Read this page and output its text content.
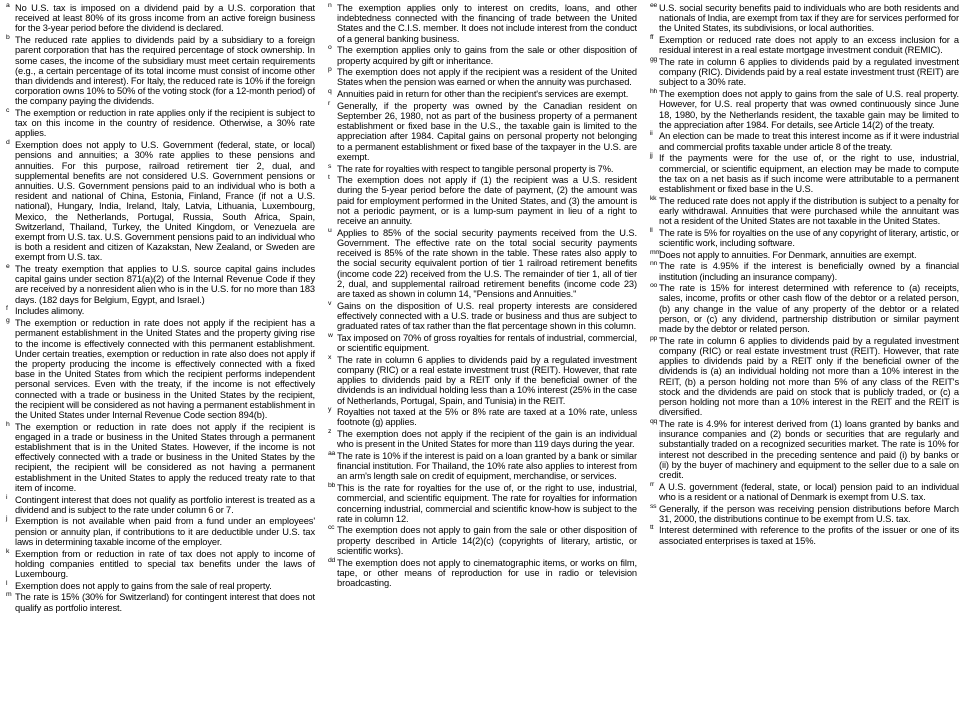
a No U.S. tax is imposed on a dividend paid by a U.S. corporation that received at least 80% of its gross income from an active foreign business for the 3-year period before the dividend is declared.
b The reduced rate applies to dividends paid by a subsidiary to a foreign parent corporation that has the required percentage of stock ownership. In some cases, the income of the subsidiary must meet certain requirements (e.g., a certain percentage of its total income must consist of income other than dividends and interest). For Italy, the reduced rate is 10% if the foreign corporation owns 10% to 50% of the voting stock (for a 12-month period) of the company paying the dividends.
c The exemption or reduction in rate applies only if the recipient is subject to tax on this income in the country of residence. Otherwise, a 30% rate applies.
d Exemption does not apply to U.S. Government (federal, state, or local) pensions and annuities; a 30% rate applies to these pensions and annuities. For this purpose, railroad retirement tier 2, dual, and supplemental benefits are not considered U.S. Government pensions or annuities. U.S. Government pensions paid to an individual who is both a resident and national of China, Estonia, Finland, France (if not a U.S. national), Hungary, India, Ireland, Italy, Latvia, Lithuania, Luxembourg, Mexico, the Netherlands, Portugal, Russia, South Africa, Spain, Switzerland, Thailand, Turkey, the United Kingdom, or Venezuela are exempt from U.S. tax. U.S. Government pensions paid to an individual who is both a resident and citizen of Kazakstan, New Zealand, or Sweden are exempt from U.S. tax.
e The treaty exemption that applies to U.S. source capital gains includes capital gains under section 871(a)(2) of the Internal Revenue Code if they are received by a nonresident alien who is in the U.S. for no more than 183 days. (182 days for Belgium, Egypt, and Israel.)
f Includes alimony.
g The exemption or reduction in rate does not apply if the recipient has a permanent establishment in the United States and the property giving rise to the income is effectively connected with this permanent establishment. Under certain treaties, exemption or reduction in rate also does not apply if the property producing the income is effectively connected with a fixed base in the United States from which the recipient performs independent personal services. Even with the treaty, if the income is not effectively connected with a trade or business in the United States by the recipient, the recipient will be considered as not having a permanent establishment in the United States under Internal Revenue Code section 894(b).
h The exemption or reduction in rate does not apply if the recipient is engaged in a trade or business in the United States through a permanent establishment that is in the United States. However, if the income is not effectively connected with a trade or business in the United States by the recipient, the recipient will be considered as not having a permanent establishment in the United States to apply the reduced treaty rate to that item of income.
i Contingent interest that does not qualify as portfolio interest is treated as a dividend and is subject to the rate under column 6 or 7.
j Exemption is not available when paid from a fund under an employees' pension or annuity plan, if contributions to it are deductible under U.S. tax laws in determining taxable income of the employer.
k Exemption from or reduction in rate of tax does not apply to income of holding companies entitled to special tax benefits under the laws of Luxembourg.
l Exemption does not apply to gains from the sale of real property.
m The rate is 15% (30% for Switzerland) for contingent interest that does not qualify as portfolio interest.
n The exemption applies only to interest on credits, loans, and other indebtedness connected with the financing of trade between the United States and the C.I.S. member. It does not include interest from the conduct of a general banking business.
o The exemption applies only to gains from the sale or other disposition of property acquired by gift or inheritance.
p The exemption does not apply if the recipient was a resident of the United States when the pension was earned or when the annuity was purchased.
q Annuities paid in return for other than the recipient's services are exempt.
r Generally, if the property was owned by the Canadian resident on September 26, 1980, not as part of the business property of a permanent establishment or fixed base in the U.S., the taxable gain is limited to the appreciation after 1984. Capital gains on personal property not belonging to a permanent establishment or fixed base of the taxpayer in the U.S. are exempt.
s The rate for royalties with respect to tangible personal property is 7%.
t The exemption does not apply if (1) the recipient was a U.S. resident during the 5-year period before the date of payment, (2) the amount was paid for employment performed in the United States, and (3) the amount is not a periodic payment, or is a lump-sum payment in lieu of a right to receive an annuity.
u Applies to 85% of the social security payments received from the U.S. Government. The effective rate on the total social security payments received is 85% of the rate shown in the table. These rates also apply to the social security equivalent portion of tier 1 railroad retirement benefits (income code 22) received from the U.S. The remainder of tier 1, all of tier 2, dual, and supplemental railroad retirement benefits (income code 23) are taxed as shown in column 14, "Pensions and Annuities."
v Gains on the disposition of U.S. real property interests are considered effectively connected with a U.S. trade or business and thus are subject to graduated rates of tax rather than the flat percentage shown in this column.
w Tax imposed on 70% of gross royalties for rentals of industrial, commercial, or scientific equipment.
x The rate in column 6 applies to dividends paid by a regulated investment company (RIC) or a real estate investment trust (REIT). However, that rate applies to dividends paid by a REIT only if the beneficial owner of the dividends is an individual holding less than a 10% interest (25% in the case of Netherlands, Portugal, Spain, and Tunisia) in the REIT.
y Royalties not taxed at the 5% or 8% rate are taxed at a 10% rate, unless footnote (g) applies.
z The exemption does not apply if the recipient of the gain is an individual who is present in the United States for more than 119 days during the year.
aa The rate is 10% if the interest is paid on a loan granted by a bank or similar financial institution. For Thailand, the 10% rate also applies to interest from an arm's length sale on credit of equipment, merchandise, or services.
bb This is the rate for royalties for the use of, or the right to use, industrial, commercial, and scientific equipment. The rate for royalties for information concerning industrial, commercial and scientific know-how is subject to the rate in column 12.
cc The exemption does not apply to gain from the sale or other disposition of property described in Article 14(2)(c) (copyrights of literary, artistic, or scientific works).
dd The exemption does not apply to cinematographic items, or works on film, tape, or other means of reproduction for use in radio or television broadcasting.
ee U.S. social security benefits paid to individuals who are both residents and nationals of India, are exempt from tax if they are for services performed for the United States, its subdivisions, or local authorities.
ff Exemption or reduced rate does not apply to an excess inclusion for a residual interest in a real estate mortgage investment conduit (REMIC).
gg The rate in column 6 applies to dividends paid by a regulated investment company (RIC). Dividends paid by a real estate investment trust (REIT) are subject to a 30% rate.
hh The exemption does not apply to gains from the sale of U.S. real property. However, for U.S. real property that was owned continuously since June 18, 1980, by the Netherlands resident, the taxable gain may be limited to the appreciation after 1984. For details, see Article 14(2) of the treaty.
ii An election can be made to treat this interest income as if it were industrial and commercial profits taxable under article 8 of the treaty.
jj If the payments were for the use of, or the right to use, industrial, commercial, or scientific equipment, an election may be made to compute the tax on a net basis as if such income were attributable to a permanent establishment or fixed base in the U.S.
kk The reduced rate does not apply if the distribution is subject to a penalty for early withdrawal. Annuities that were purchased while the annuitant was not a resident of the United States are not taxable in the United States.
ll The rate is 5% for royalties on the use of any copyright of literary, artistic, or scientific work, including software.
mm
Does not apply to annuities. For Denmark, annuities are exempt.
nn The rate is 4.95% if the interest is beneficially owned by a financial institution (including an insurance company).
oo The rate is 15% for interest determined with reference to (a) receipts, sales, income, profits or other cash flow of the debtor or a related person, (b) any change in the value of any property of the debtor or a related person, or (c) any dividend, partnership distribution or similar payment made by the debtor or related person.
pp The rate in column 6 applies to dividends paid by a regulated investment company (RIC) or real estate investment trust (REIT). However, that rate applies to dividends paid by a REIT only if the beneficial owner of the dividends is (a) an individual holding not more than a 10% interest in the REIT, (b) a person holding not more than 5% of any class of the REIT's stock and the dividends are paid on stock that is publicly traded, or (c) a person holding not more than a 10% interest in the REIT and the REIT is diversified.
qq The rate is 4.9% for interest derived from (1) loans granted by banks and insurance companies and (2) bonds or securities that are regularly and substantially traded on a recognized securities market. The rate is 10% for interest not described in the preceding sentence and paid (i) by banks or (ii) by the buyer of machinery and equipment to the seller due to a sale on credit.
rr A U.S. government (federal, state, or local) pension paid to an individual who is a resident or a national of Denmark is exempt from U.S. tax.
ss Generally, if the person was receiving pension distributions before March 31, 2000, the distributions continue to be exempt from U.S. tax.
tt Interest determined with reference to the profits of the issuer or one of its associated enterprises is taxed at 15%.
